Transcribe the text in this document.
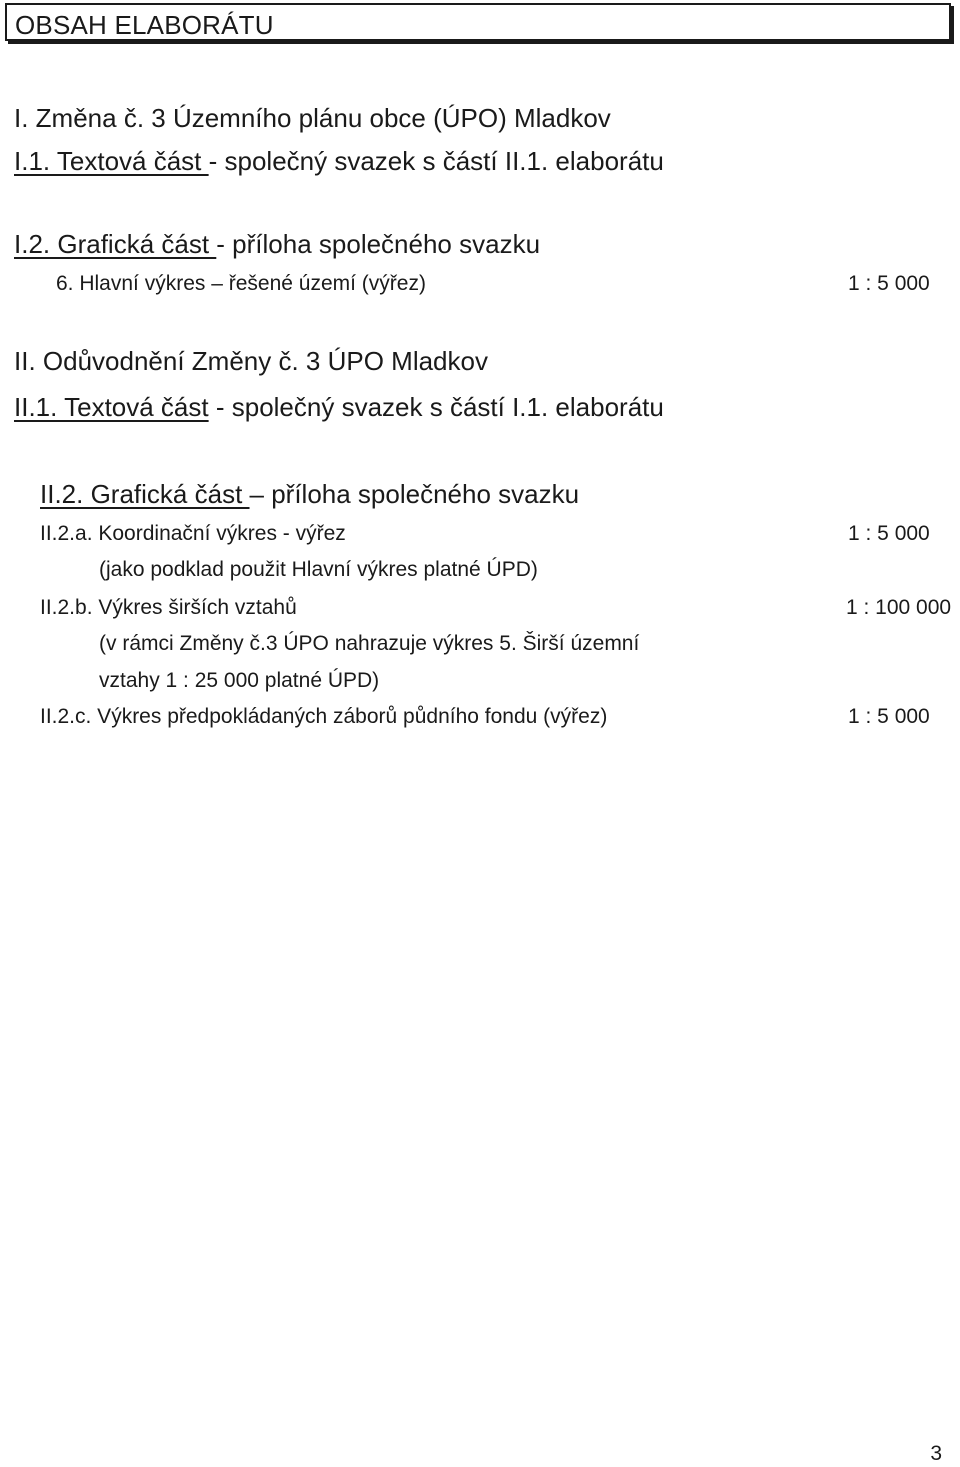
OBSAH ELABORÁTU
I. Změna č. 3 Územního plánu obce (ÚPO) Mladkov
I.1. Textová část - společný svazek s částí II.1. elaborátu
I.2. Grafická část - příloha společného svazku
6. Hlavní výkres – řešené území (výřez)	1 : 5 000
II. Odůvodnění Změny č. 3 ÚPO Mladkov
II.1. Textová část - společný svazek s částí I.1. elaborátu
II.2. Grafická část – příloha společného svazku
II.2.a. Koordinační výkres - výřez	1 : 5 000
(jako podklad použit Hlavní výkres platné ÚPD)
II.2.b. Výkres širších vztahů	1 : 100 000
(v rámci Změny č.3 ÚPO nahrazuje výkres 5. Širší územní
vztahy 1 : 25 000 platné ÚPD)
II.2.c. Výkres předpokládaných záborů půdního fondu (výřez)	1 : 5 000
3
